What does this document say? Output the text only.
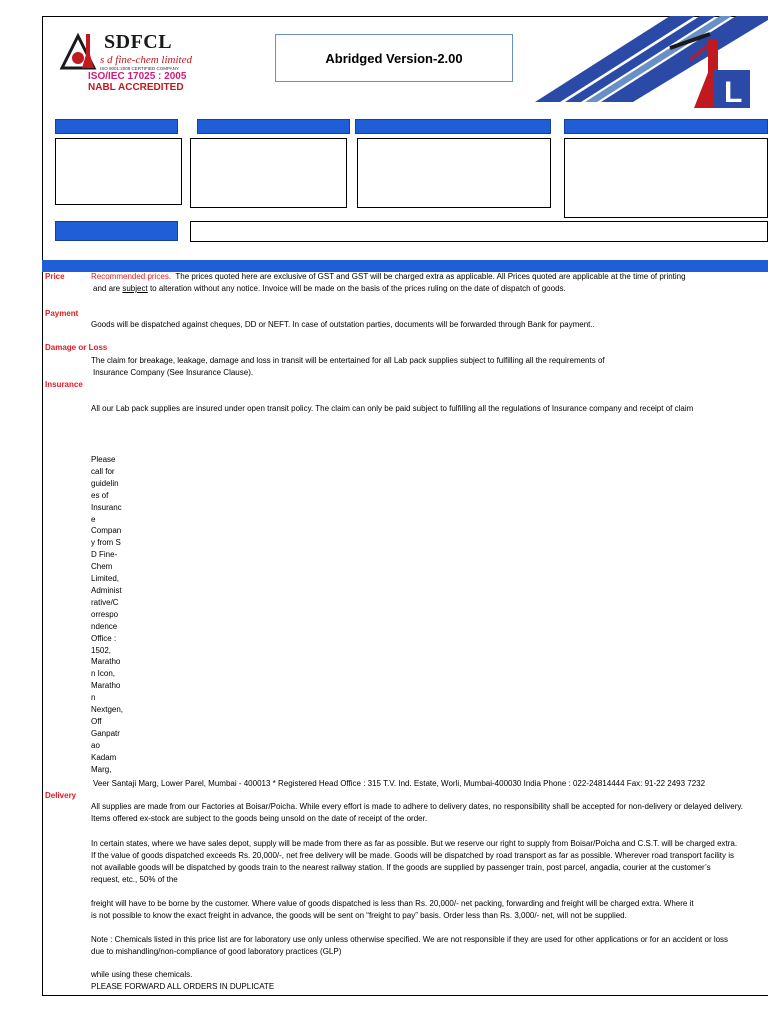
SDFCL
s d fine-chem limited
ISO 9001:2008 CERTIFIED COMPANY
ISO/IEC 17025 : 2005
NABL ACCREDITED
Abridged Version-2.00
L
Price	Recommended prices. The prices quoted here are exclusive of GST and GST will be charged extra as applicable. All Prices quoted are applicable at the time of printing
and are subject to alteration without any notice. Invoice will be made on the basis of the prices ruling on the date of dispatch of goods.
Payment
Goods will be dispatched against cheques, DD or NEFT. In case of outstation parties, documents will be forwarded through Bank for payment..
Damage or Loss
The claim for breakage, leakage, damage and loss in transit will be entertained for all Lab pack supplies subject to fulfilling all the requirements of
Insurance Company (See Insurance Clause).
Insurance
All our Lab pack supplies are insured under open transit policy. The claim can only be paid subject to fulfilling all the regulations of Insurance company and receipt of claim
Please
call for
guidelin
es of
Insuranc
e
Compan
y from S
D Fine-
Chem
Limited,
Administ
rative/C
orrespo
ndence
Office :
1502,
Maratho
n Icon,
Maratho
n
Nextgen,
Off
Ganpatr
ao
Kadam
Marg,
Veer Santaji Marg, Lower Parel, Mumbai - 400013 * Registered Head Office : 315 T.V. Ind. Estate, Worli, Mumbai-400030 India Phone : 022-24814444 Fax: 91-22 2493 7232
Delivery
All supplies are made from our Factories at Boisar/Poicha. While every effort is made to adhere to delivery dates, no responsibility shall be accepted for non-delivery or delayed delivery.
Items offered ex-stock are subject to the goods being unsold on the date of receipt of the order.
In certain states, where we have sales depot, supply will be made from there as far as possible. But we reserve our right to supply from Boisar/Poicha and C.S.T. will be charged extra.
If the value of goods dispatched exceeds Rs. 20,000/-, net free delivery will be made. Goods will be dispatched by road transport as far as possible. Wherever road transport facility is
not available goods will be dispatched by goods train to the nearest railway station. If the goods are supplied by passenger train, post parcel, angadia, courier at the customer’s
request, etc., 50% of the
freight will have to be borne by the customer. Where value of goods dispatched is less than Rs. 20,000/- net packing, forwarding and freight will be charged extra. Where it
is not possible to know the exact freight in advance, the goods will be sent on “freight to pay” basis. Order less than Rs. 3,000/- net, will not be supplied.
Note : Chemicals listed in this price list are for laboratory use only unless otherwise specified. We are not responsible if they are used for other applications or for an accident or loss
due to mishandling/non-compliance of good laboratory practices (GLP)
while using these chemicals.
PLEASE FORWARD ALL ORDERS IN DUPLICATE
